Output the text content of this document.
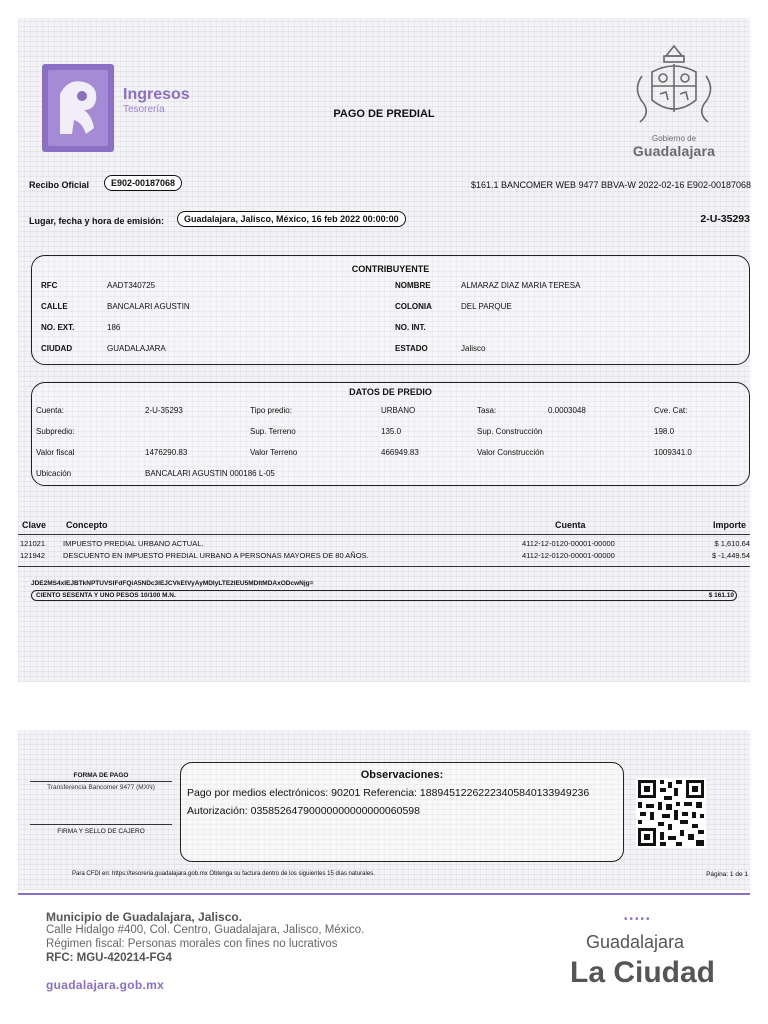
Ingresos
Tesorería	PAGO DE PREDIAL
Gobierno de
Guadalajara
Recibo Oficial	E902-00187068	$161.1 BANCOMER WEB 9477 BBVA-W 2022-02-16 E902-00187068
Lugar, fecha y hora de emisión:	Guadalajara, Jalisco, México, 16 feb 2022 00:00:00	2-U-35293
CONTRIBUYENTE
RFC	AADT340725	NOMBRE	ALMARAZ DIAZ MARIA TERESA
CALLE	BANCALARI AGUSTIN	COLONIA	DEL PARQUE
NO. EXT.	186	NO. INT.
CIUDAD	GUADALAJARA	ESTADO	Jalisco
DATOS DE PREDIO
Cuenta:	2-U-35293	Tipo predio:	URBANO	Tasa:	0.0003048	Cve. Cat:
Subpredio:	Sup. Terreno	135.0	Sup. Construcción	198.0
Valor fiscal	1476290.83	Valor Terreno	466949.83	Valor Construcción	1009341.0
Ubicación	BANCALARI AGUSTIN 000186 L-05
Clave Concepto	Cuenta	Importe
121021 IMPUESTO PREDIAL URBANO ACTUAL.	4112-12-0120-00001-00000	$ 1,610.64
121942 DESCUENTO EN IMPUESTO PREDIAL URBANO A PERSONAS MAYORES DE 80 AÑOS.	4112-12-0120-00001-00000	$ -1,449.54
JDE2MS4xIEJBTkNPTUVSIFdFQiA5NDc3IEJCVkEtVyAyMDIyLTE2IEU5MDItMDAxODcwNjg=
CIENTO SESENTA Y UNO PESOS 10/100 M.N.	$ 161.10
FORMA DE PAGO
Transferencia Bancomer 9477 (MXN)
FIRMA Y SELLO DE CAJERO
Observaciones:
Pago por medios electrónicos: 90201 Referencia: 18894512262223405840133949236
Autorización: 03585264790000000000000060598
Para CFDI en: https://tesoreria.guadalajara.gob.mx Obtenga su factura dentro de los siguientes 15 días naturales.	Página: 1 de 1
Municipio de Guadalajara, Jalisco.
Calle Hidalgo #400, Col. Centro, Guadalajara, Jalisco, México.
Régimen fiscal: Personas morales con fines no lucrativos
RFC: MGU-420214-FG4
guadalajara.gob.mx
•••••
Guadalajara
La Ciudad
